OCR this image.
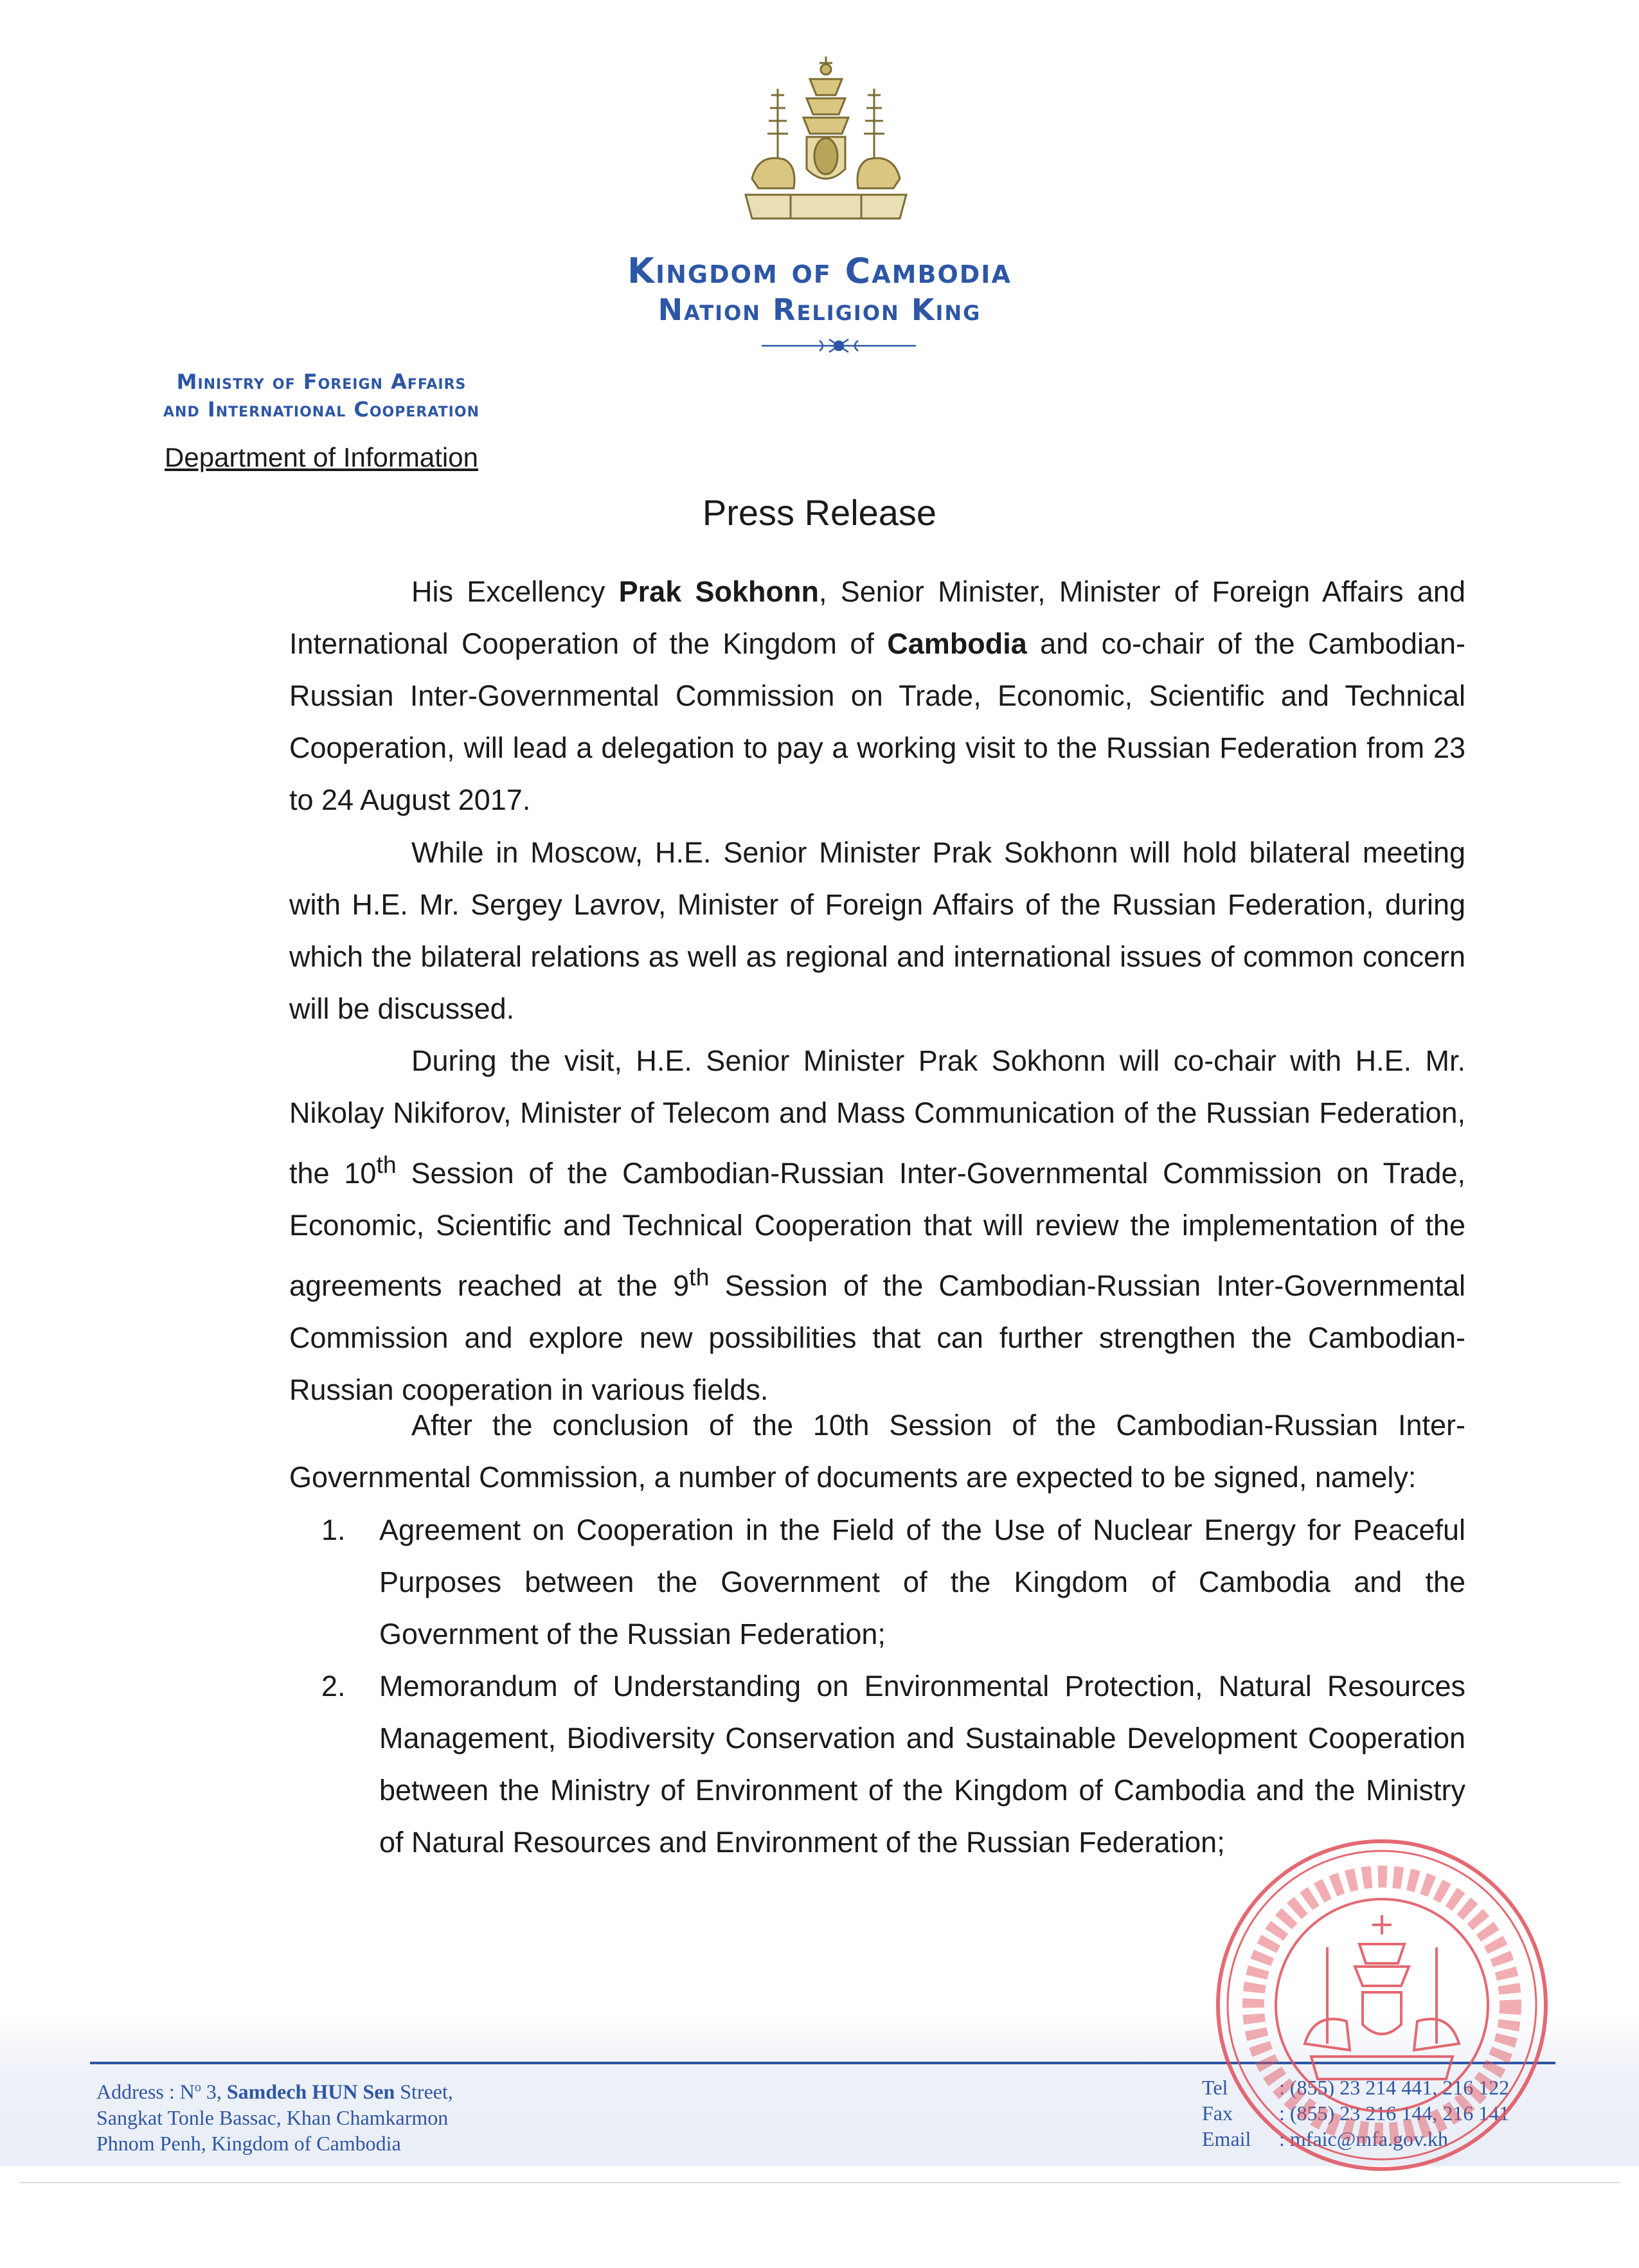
Kingdom of Cambodia
Nation Religion King
Ministry of Foreign Affairs
and International Cooperation
Department of Information
Press Release

His Excellency Prak Sokhonn, Senior Minister, Minister of Foreign Affairs and International Cooperation of the Kingdom of Cambodia and co-chair of the Cambodian-Russian Inter-Governmental Commission on Trade, Economic, Scientific and Technical Cooperation, will lead a delegation to pay a working visit to the Russian Federation from 23 to 24 August 2017.

While in Moscow, H.E. Senior Minister Prak Sokhonn will hold bilateral meeting with H.E. Mr. Sergey Lavrov, Minister of Foreign Affairs of the Russian Federation, during which the bilateral relations as well as regional and international issues of common concern will be discussed.

During the visit, H.E. Senior Minister Prak Sokhonn will co-chair with H.E. Mr. Nikolay Nikiforov, Minister of Telecom and Mass Communication of the Russian Federation, the 10th Session of the Cambodian-Russian Inter-Governmental Commission on Trade, Economic, Scientific and Technical Cooperation that will review the implementation of the agreements reached at the 9th Session of the Cambodian-Russian Inter-Governmental Commission and explore new possibilities that can further strengthen the Cambodian-Russian cooperation in various fields.

After the conclusion of the 10th Session of the Cambodian-Russian Inter-Governmental Commission, a number of documents are expected to be signed, namely:

1. Agreement on Cooperation in the Field of the Use of Nuclear Energy for Peaceful Purposes between the Government of the Kingdom of Cambodia and the Government of the Russian Federation;
2. Memorandum of Understanding on Environmental Protection, Natural Resources Management, Biodiversity Conservation and Sustainable Development Cooperation between the Ministry of Environment of the Kingdom of Cambodia and the Ministry of Natural Resources and Environment of the Russian Federation;
Address : $N^o$ 3, Samdech HUN Sen Street,
Sangkat Tonle Bassac, Khan Chamkarmon
Phnom Penh, Kingdom of Cambodia
Tel	: (855) 23 214 441, 216 122
Fax	: (855) 23 216 144, 216 141
Email	: mfaic@mfa.gov.kh
